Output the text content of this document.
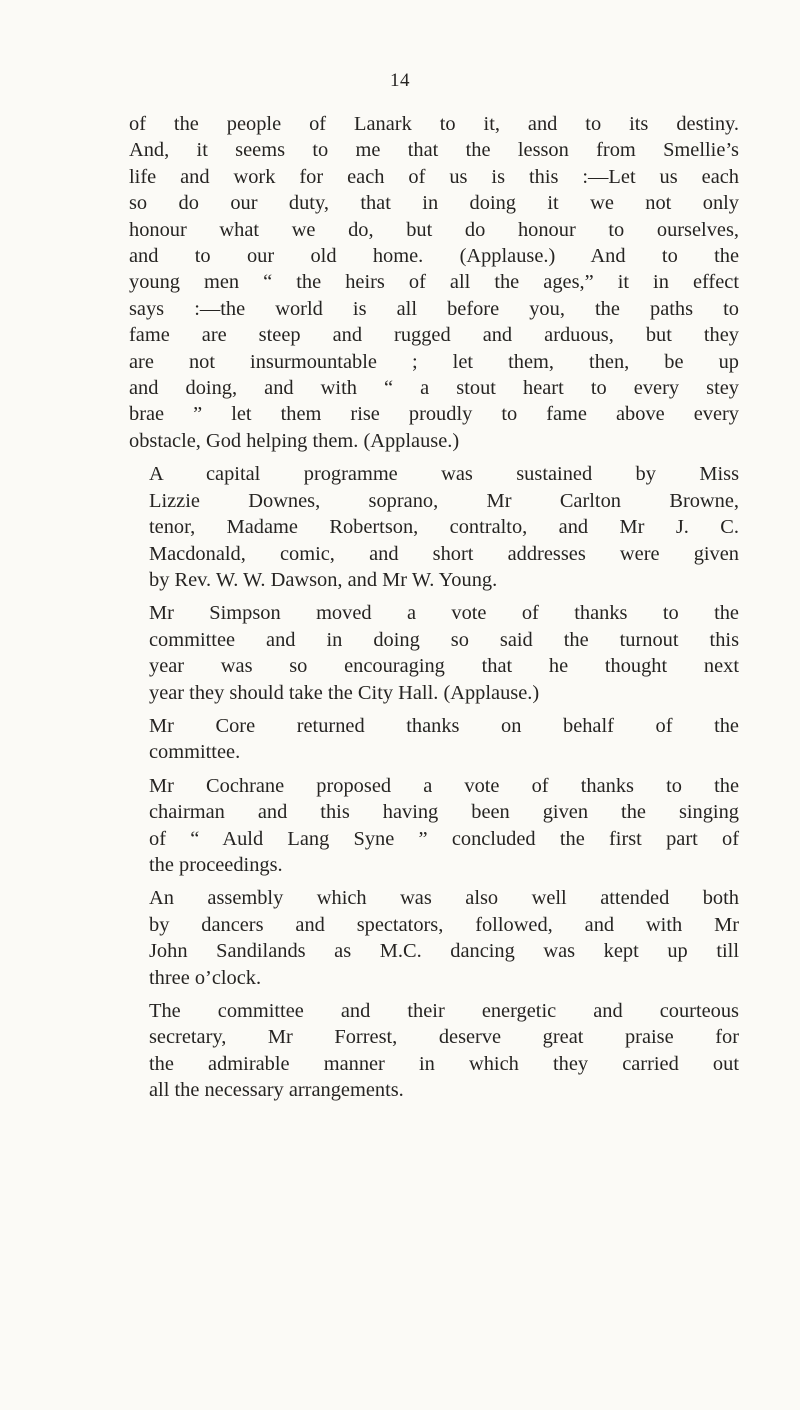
14
of the people of Lanark to it, and to its destiny.
And, it seems to me that the lesson from Smellie’s
life and work for each of us is this :—Let us each
so do our duty, that in doing it we not only
honour what we do, but do honour to ourselves,
and to our old home. (Applause.) And to the
young men “ the heirs of all the ages,” it in effect
says :—the world is all before you, the paths to
fame are steep and rugged and arduous, but they
are not insurmountable ; let them, then, be up
and doing, and with “ a stout heart to every stey
brae ” let them rise proudly to fame above every
obstacle, God helping them. (Applause.)
A capital programme was sustained by Miss
Lizzie Downes, soprano, Mr Carlton Browne,
tenor, Madame Robertson, contralto, and Mr J. C.
Macdonald, comic, and short addresses were given
by Rev. W. W. Dawson, and Mr W. Young.
Mr Simpson moved a vote of thanks to the
committee and in doing so said the turnout this
year was so encouraging that he thought next
year they should take the City Hall. (Applause.)
Mr Core returned thanks on behalf of the
committee.
Mr Cochrane proposed a vote of thanks to the
chairman and this having been given the singing
of “ Auld Lang Syne ” concluded the first part of
the proceedings.
An assembly which was also well attended both
by dancers and spectators, followed, and with Mr
John Sandilands as M.C. dancing was kept up till
three o’clock.
The committee and their energetic and courteous
secretary, Mr Forrest, deserve great praise for
the admirable manner in which they carried out
all the necessary arrangements.
